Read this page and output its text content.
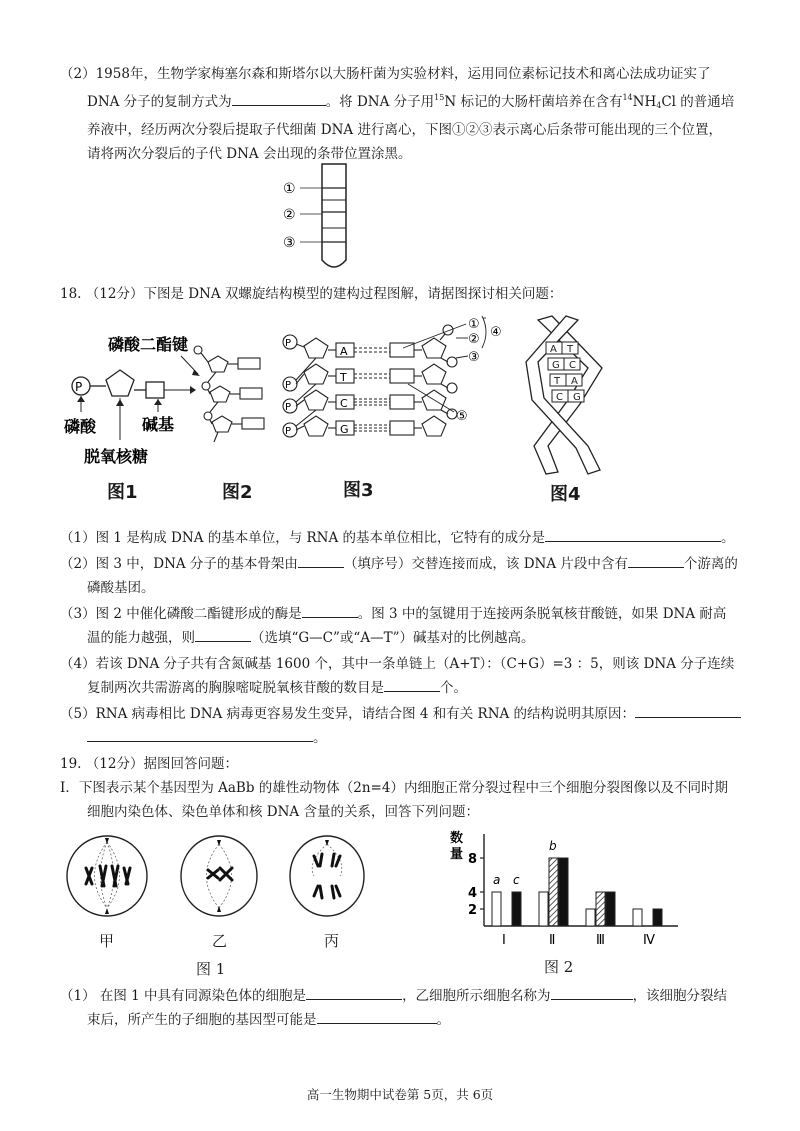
（2）1958年，生物学家梅塞尔森和斯塔尔以大肠杆菌为实验材料，运用同位素标记技术和离心法成功证实了
DNA 分子的复制方式为	。将 DNA 分子用$^{15}$N 标记的大肠杆菌培养在含有$^{14}NH_4Cl$ 的普通培
养液中，经历两次分裂后提取子代细菌 DNA 进行离心，下图①②③表示离心后条带可能出现的三个位置，
请将两次分裂后的子代 DNA 会出现的条带位置涂黑。
①
②
③
18. （12分）下图是 DNA 双螺旋结构模型的建构过程图解，请据图探讨相关问题：
磷酸二酯键
P
磷酸	碱基
脱氧核糖
P
P
P
P
A
T
C
G
①
②
③
④
⑤
A T
G C
T A
C G
图1	图2	图3	图4
（1）图 1 是构成 DNA 的基本单位，与 RNA 的基本单位相比，它特有的成分是	。
（2）图 3 中，DNA 分子的基本骨架由	（填序号）交替连接而成，该 DNA 片段中含有	个游离的
磷酸基团。
（3）图 2 中催化磷酸二酯键形成的酶是	。图 3 中的氢键用于连接两条脱氧核苷酸链，如果 DNA 耐高
温的能力越强，则	（选填“G—C”或“A—T”）碱基对的比例越高。
（4）若该 DNA 分子共有含氮碱基 1600 个，其中一条单链上（A+T）：（C+G）=3 ：5，则该 DNA 分子连续
复制两次共需游离的胸腺嘧啶脱氧核苷酸的数目是	个。
（5）RNA 病毒相比 DNA 病毒更容易发生变异，请结合图 4 和有关 RNA 的结构说明其原因：
。
19. （12分）据图回答问题：
Ⅰ．下图表示某个基因型为 AaBb 的雄性动物体（2n=4）内细胞正常分裂过程中三个细胞分裂图像以及不同时期
细胞内染色体、染色单体和核 DNA 含量的关系，回答下列问题：
甲	乙	丙
图 1
数
量
Ⅰ	Ⅱ	Ⅲ	Ⅳ
a c
b
2
4
8
图 2
（1） 在图 1 中具有同源染色体的细胞是	，乙细胞所示细胞名称为	，该细胞分裂结
束后，所产生的子细胞的基因型可能是	。
高一生物期中试卷第 5页，共 6页
